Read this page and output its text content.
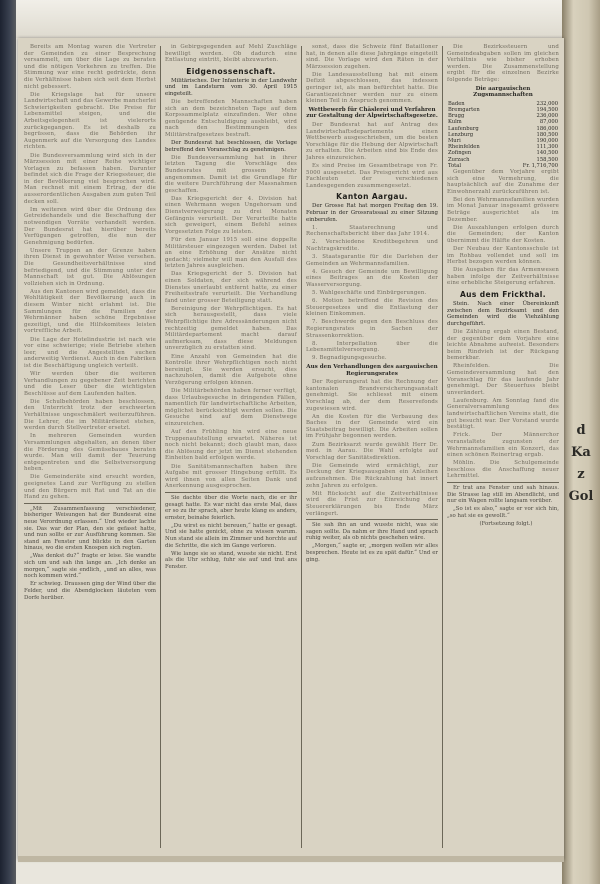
Bereits am Montag waren die Vertreter der Gemeinden zu einer Besprechung versammelt, um über die Lage zu beraten und die nötigen Vorkehren zu treffen. Die Stimmung war eine recht gedrückte, denn die Verhältnisse haben sich seit dem Herbst nicht gebessert.

Die Kriegslage hat für unsere Landwirtschaft und das Gewerbe mancherlei Schwierigkeiten gebracht. Die Preise für Lebensmittel steigen, und die Arbeitsgelegenheit ist vielerorts zurückgegangen. Es ist deshalb zu begrüssen, dass die Behörden ihr Augenmerk auf die Versorgung des Landes richten.

Die Bundesversammlung wird sich in der Märzsession mit einer Reihe wichtiger Vorlagen zu befassen haben. Darunter befindet sich die Frage der Kriegssteuer, die in der Bevölkerung viel besprochen wird. Man rechnet mit einem Ertrag, der die ausserordentlichen Ausgaben zum guten Teil decken soll.

Im weiteren wird über die Ordnung des Getreidehandels und die Beschaffung der notwendigen Vorräte verhandelt werden. Der Bundesrat hat hierüber bereits Verfügungen getroffen, die nun der Genehmigung bedürfen.

Unsere Truppen an der Grenze haben ihren Dienst in gewohnter Weise versehen. Die Gesundheitsverhältnisse sind befriedigend, und die Stimmung unter der Mannschaft ist gut. Die Ablösungen vollziehen sich in Ordnung.

Aus den Kantonen wird gemeldet, dass die Wohltätigkeit der Bevölkerung auch in diesem Winter nicht erlahmt ist. Die Sammlungen für die Familien der Wehrmänner haben schöne Ergebnisse gezeitigt, und die Hilfskomitees leisten vortreffliche Arbeit.

Die Lage der Hotelindustrie ist nach wie vor eine schwierige; viele Betriebe stehen leer, und die Angestellten suchen anderweitig Verdienst. Auch in den Fabriken ist die Beschäftigung ungleich verteilt.

Wir werden über die weiteren Verhandlungen zu gegebener Zeit berichten und die Leser über die wichtigsten Beschlüsse auf dem Laufenden halten.

Die Schulbehörden haben beschlossen, den Unterricht trotz der erschwerten Verhältnisse ungeschmälert weiterzuführen. Die Lehrer, die im Militärdienst stehen, werden durch Stellvertreter ersetzt.

In mehreren Gemeinden wurden Versammlungen abgehalten, an denen über die Förderung des Gemüsebaues beraten wurde. Man will damit der Teuerung entgegentreten und die Selbstversorgung heben.

Die Gemeinderäte sind ersucht worden, geeignetes Land zur Verfügung zu stellen und den Bürgern mit Rat und Tat an die Hand zu gehen.

„Mit Zusammenfassung verschiedener, bisheriger Weisungen hat der Bundesrat eine neue Verordnung erlassen.“ Und wieder lachte sie. Das war der Plan, den sie gefasst hatte, und nun sollte er zur Ausführung kommen. Sie stand am Fenster und blickte in den Garten hinaus, wo die ersten Knospen sich regten.

„Was denkst du?“ fragte er leise. Sie wandte sich um und sah ihn lange an. „Ich denke an morgen,“ sagte sie endlich, „und an alles, was noch kommen wird.“

Er schwieg. Draussen ging der Wind über die Felder, und die Abendglocken läuteten vom Dorfe herüber.

in Gebirgsgegenden auf Mehl Zuschläge bewilligt werden. Ob dadurch eine Entlastung eintritt, bleibt abzuwarten.

Eidgenossenschaft.

Militärisches. Der Infanterie in der Landwehr und im Landsturm vom 30. April 1915 eingeteilt.

Die betreffenden Mannschaften haben sich an dem bezeichneten Tage auf dem Korpssammelplatz einzufinden. Wer ohne genügende Entschuldigung ausbleibt, wird nach den Bestimmungen des Militärstrafgesetzes bestraft.

Der Bundesrat hat beschlossen, die Vorlage betreffend den Voranschlag zu genehmigen.

Die Bundesversammlung hat in ihrer letzten Tagung die Vorschläge des Bundesrates mit grossem Mehr angenommen. Damit ist die Grundlage für die weitere Durchführung der Massnahmen geschaffen.

Das Kriegsgericht der 4. Division hat einen Wehrmann wegen Ungehorsam und Dienstverweigerung zu drei Monaten Gefängnis verurteilt. Der Verurteilte hatte sich geweigert, einem Befehl seines Vorgesetzten Folge zu leisten.

Für den Januar 1915 soll eine doppelte Militärsteuer eingezogen werden. Dabei ist an eine Erhöhung der Ansätze nicht gedacht; vielmehr will man den Ausfall des letzten Jahres ausgleichen.

Das Kriegsgericht der 5. Division hat einen Soldaten, der sich während des Dienstes unerlaubt entfernt hatte, zu einer Freiheitsstrafe verurteilt. Die Verhandlung fand unter grosser Beteiligung statt.

Bereinigung der Wehrpflichtigen. Es hat sich herausgestellt, dass viele Wehrpflichtige ihre Adressänderungen nicht rechtzeitig gemeldet haben. Das Militärdepartement macht darauf aufmerksam, dass diese Meldungen unverzüglich zu erstatten sind.

Eine Anzahl von Gemeinden hat die Kontrolle ihrer Wehrpflichtigen noch nicht bereinigt. Sie werden ersucht, dies nachzuholen, damit die Aufgebote ohne Verzögerung erfolgen können.

Die Militärbehörden haben ferner verfügt, dass Urlaubsgesuche in dringenden Fällen, namentlich für landwirtschaftliche Arbeiten, möglichst berücksichtigt werden sollen. Die Gesuche sind auf dem Dienstwege einzureichen.

Auf den Frühling hin wird eine neue Truppenaufstellung erwartet. Näheres ist noch nicht bekannt; doch glaubt man, dass die Ablösung der jetzt im Dienst stehenden Einheiten bald erfolgen werde.

Die Sanitätsmannschaften haben ihre Aufgabe mit grosser Hingebung erfüllt. Es wird ihnen von allen Seiten Dank und Anerkennung ausgesprochen.

Sie dachte über die Worte nach, die er ihr gesagt hatte. Es war nicht das erste Mal, dass er so zu ihr sprach, aber heute klang es anders, ernster, beinahe feierlich.

„Du wirst es nicht bereuen,“ hatte er gesagt. Und sie hatte genickt, ohne zu wissen warum. Nun stand sie allein im Zimmer und horchte auf die Schritte, die sich im Gange verloren.

Wie lange sie so stand, wusste sie nicht. Erst als die Uhr schlug, fuhr sie auf und trat ans Fenster.

sonst, dass die Schweiz fünf Batailloner hat, in denen alle diese Jahrgänge eingeteilt sind. Die Vorlage wird den Räten in der Märzsession zugehen.

Die Landesausstellung hat mit einem Defizit abgeschlossen, das indessen geringer ist, als man befürchtet hatte. Die Garantiezeichner werden nur zu einem kleinen Teil in Anspruch genommen.

Wettbewerb für Chäslerei und Verfahren zur Gestaltung der Alpwirtschaftsgesetze.

Der Bundesrat hat auf Antrag des Landwirtschaftsdepartements einen Wettbewerb ausgeschrieben, um die besten Vorschläge für die Hebung der Alpwirtschaft zu erhalten. Die Arbeiten sind bis Ende des Jahres einzureichen.

Es sind Preise im Gesamtbetrage von Fr. 5000 ausgesetzt. Das Preisgericht wird aus Fachleuten der verschiedenen Landesgegenden zusammengesetzt.

Kanton Aargau.

Der Grosse Rat hat morgen Freitag den 19. Februar in der Grossratssaal zu einer Sitzung einberufen.

1. Staatsrechnung und Rechenschaftsbericht über das Jahr 1914.

2. Verschiedene Kreditbegehren und Nachtragskredite.

3. Staatsgarantie für die Darlehen der Gemeinden an Wehrmannsfamilien.

4. Gesuch der Gemeinde um Bewilligung eines Beitrages an die Kosten der Wasserversorgung.

5. Wahlgeschäfte und Einbürgerungen.

6. Motion betreffend die Revision des Steuergesetzes und die Entlastung der kleinen Einkommen.

7. Beschwerde gegen den Beschluss des Regierungsrates in Sachen der Strassenkorrektion.

8. Interpellation über die Lebensmittelversorgung.

9. Begnadigungsgesuche.

Aus den Verhandlungen des aargauischen Regierungsrates

Der Regierungsrat hat die Rechnung der kantonalen Brandversicherungsanstalt genehmigt. Sie schliesst mit einem Vorschlag ab, der dem Reservefonds zugewiesen wird.

An die Kosten für die Verbauung des Baches in der Gemeinde wird ein Staatsbeitrag bewilligt. Die Arbeiten sollen im Frühjahr begonnen werden.

Zum Bezirksarzt wurde gewählt Herr Dr. med. in Aarau. Die Wahl erfolgte auf Vorschlag der Sanitätsdirektion.

Die Gemeinde wird ermächtigt, zur Deckung der Kriegsausgaben ein Anleihen aufzunehmen. Die Rückzahlung hat innert zehn Jahren zu erfolgen.

Mit Rücksicht auf die Zeitverhältnisse wird die Frist zur Einreichung der Steuererklärungen bis Ende März verlängert.

Sie sah ihn an und wusste nicht, was sie sagen sollte. Da nahm er ihre Hand und sprach ruhig weiter, als ob nichts geschehen wäre.

„Morgen,“ sagte er, „morgen wollen wir alles besprechen. Heute ist es zu spät dafür.“ Und er ging.

Die Bezirkssteuern und Gemeindeabgaben sollen im gleichen Verhältnis wie bisher erhoben werden. Die Zusammenstellung ergibt für die einzelnen Bezirke folgende Beträge:

Die aargauischen Zugsmannschaften
Baden	232,000
Bremgarten	194,500
Brugg	236,000
Kulm	87,000
Laufenburg	186,000
Lenzburg	180,500
Muri	190,000
Rheinfelden	111,300
Zofingen	140,500
Zurzach	158,500
Total	Fr. 1,716,700

Gegenüber dem Vorjahre ergibt sich eine Vermehrung, die hauptsächlich auf die Zunahme der Einwohnerzahl zurückzuführen ist.

Bei den Wehrmannsfamilien wurden im Monat Januar insgesamt grössere Beträge ausgerichtet als im Dezember.

Die Auszahlungen erfolgen durch die Gemeinden; der Kanton übernimmt die Hälfte der Kosten.

Der Neubau der Kantonsschule ist im Rohbau vollendet und soll im Herbst bezogen werden können.

Die Ausgaben für das Armenwesen haben infolge der Zeitverhältnisse eine erhebliche Steigerung erfahren.

Aus dem Frickthal.

Stein. Nach einer Übereinkunft zwischen dem Bezirksamt und den Gemeinden wird die Viehzählung durchgeführt.

Die Zählung ergab einen Bestand, der gegenüber dem Vorjahre eine leichte Abnahme aufweist. Besonders beim Rindvieh ist der Rückgang bemerkbar.

Rheinfelden. Die Gemeindeversammlung hat den Voranschlag für das laufende Jahr genehmigt. Der Steuerfuss bleibt unverändert.

Laufenburg. Am Sonntag fand die Generalversammlung des landwirtschaftlichen Vereins statt, die gut besucht war. Der Vorstand wurde bestätigt.

Frick. Der Männerchor veranstaltete zugunsten der Wehrmannsfamilien ein Konzert, das einen schönen Reinertrag ergab.

Möhlin. Die Schulgemeinde beschloss die Anschaffung neuer Lehrmittel.

Er trat ans Fenster und sah hinaus. Die Strasse lag still im Abendlicht, und nur ein Wagen rollte langsam vorüber.

„So ist es also,“ sagte er vor sich hin, „so hat sie es gewollt.“

(Fortsetzung folgt.)

d
Ka
z
Gol
